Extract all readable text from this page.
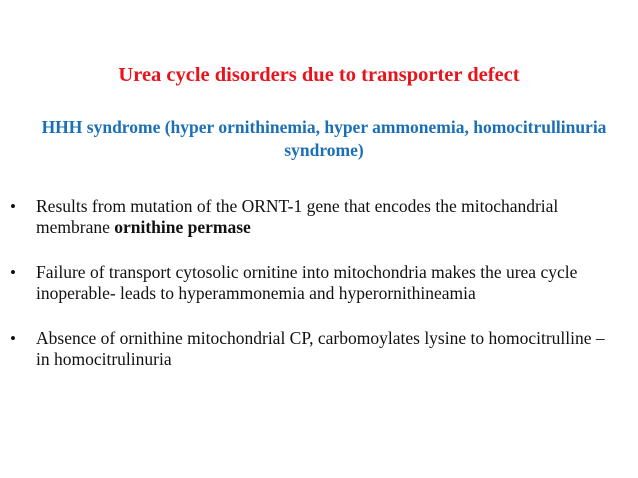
Urea cycle disorders due to transporter defect
HHH syndrome (hyper ornithinemia, hyper ammonemia, homocitrullinuria syndrome)
• Results from mutation of the ORNT-1 gene that encodes the mitochandrial membrane ornithine permase
• Failure of transport cytosolic ornitine into mitochondria makes the urea cycle inoperable- leads to hyperammonemia and hyperornithineamia
• Absence of ornithine mitochondrial CP, carbomoylates lysine to homocitrulline –in homocitrulinuria
